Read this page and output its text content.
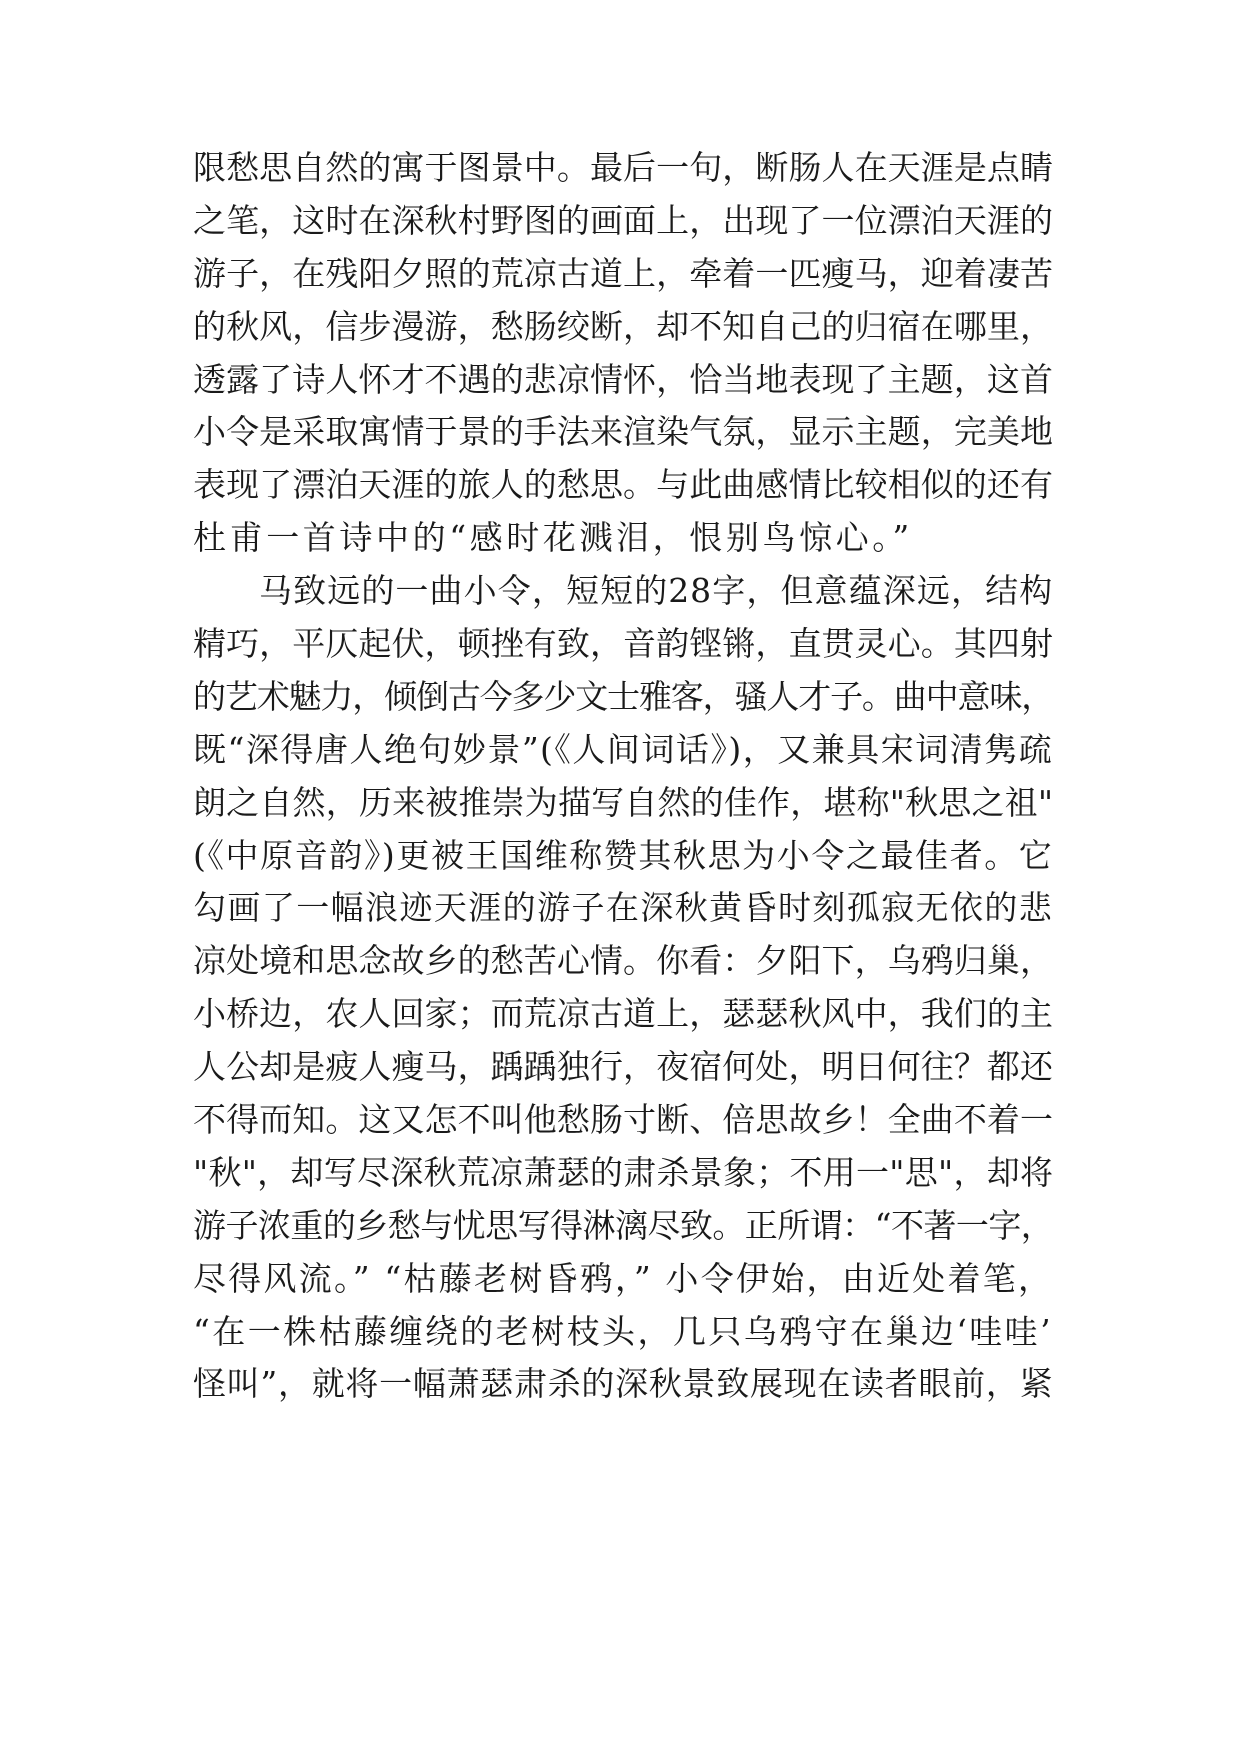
限愁思自然的寓于图景中。最后一句，断肠人在天涯是点睛
之笔，这时在深秋村野图的画面上，出现了一位漂泊天涯的
游子，在残阳夕照的荒凉古道上，牵着一匹瘦马，迎着凄苦
的秋风，信步漫游，愁肠绞断，却不知自己的归宿在哪里，
透露了诗人怀才不遇的悲凉情怀，恰当地表现了主题，这首
小令是采取寓情于景的手法来渲染气氛，显示主题，完美地
表现了漂泊天涯的旅人的愁思。与此曲感情比较相似的还有
杜甫一首诗中的“感时花溅泪，恨别鸟惊心。”
马致远的一曲小令，短短的28字，但意蕴深远，结构
精巧，平仄起伏，顿挫有致，音韵铿锵，直贯灵心。其四射
的艺术魅力，倾倒古今多少文士雅客，骚人才子。曲中意味，
既“深得唐人绝句妙景”(《人间词话》)，又兼具宋词清隽疏
朗之自然，历来被推崇为描写自然的佳作，堪称"秋思之祖"
(《中原音韵》)更被王国维称赞其秋思为小令之最佳者。它
勾画了一幅浪迹天涯的游子在深秋黄昏时刻孤寂无依的悲
凉处境和思念故乡的愁苦心情。你看：夕阳下，乌鸦归巢，
小桥边，农人回家；而荒凉古道上，瑟瑟秋风中，我们的主
人公却是疲人瘦马，踽踽独行，夜宿何处，明日何往？都还
不得而知。这又怎不叫他愁肠寸断、倍思故乡！全曲不着一
"秋"，却写尽深秋荒凉萧瑟的肃杀景象；不用一"思"，却将
游子浓重的乡愁与忧思写得淋漓尽致。正所谓：“不著一字，
尽得风流。” “枯藤老树昏鸦，” 小令伊始，由近处着笔，
“在一株枯藤缠绕的老树枝头，几只乌鸦守在巢边‘哇哇’
怪叫”，就将一幅萧瑟肃杀的深秋景致展现在读者眼前，紧
